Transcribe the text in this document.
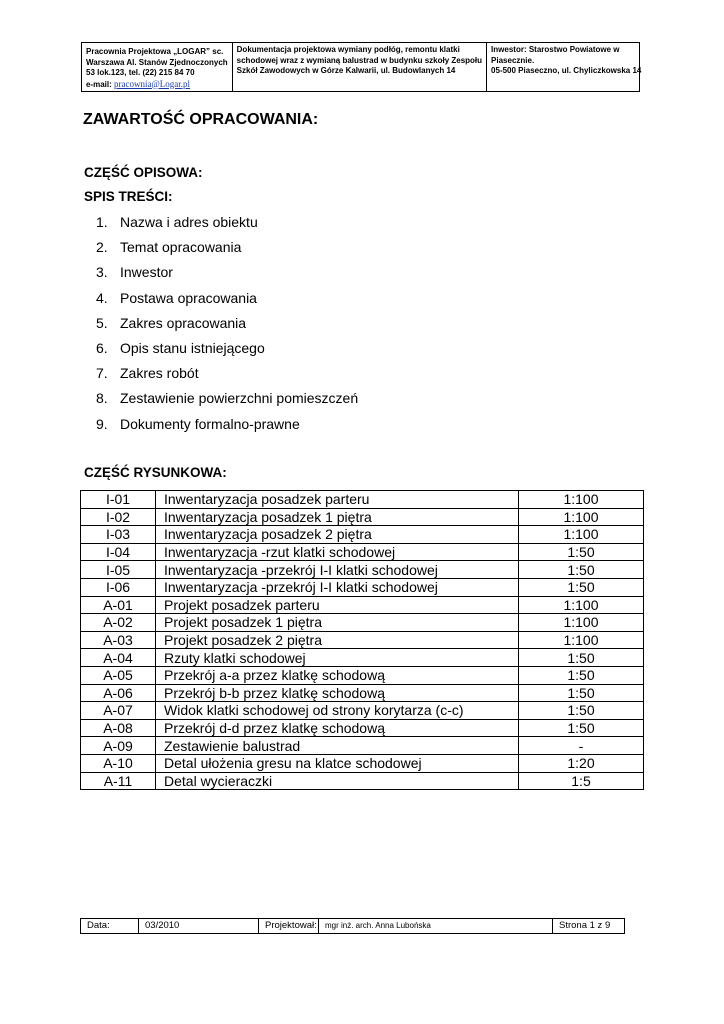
Pracownia Projektowa „LOGAR” sc.
Warszawa Al. Stanów Zjednoczonych
53 lok.123, tel. (22) 215 84 70
e-mail: pracownia@Logar.pl
Dokumentacja projektowa wymiany podłóg, remontu klatki
schodowej wraz z wymianą balustrad w budynku szkoły Zespołu
Szkół Zawodowych w Górze Kalwarii, ul. Budowlanych 14
Inwestor: Starostwo Powiatowe w
Piasecznie.
05-500 Piaseczno, ul. Chyliczkowska 14
ZAWARTOŚĆ OPRACOWANIA:
CZĘŚĆ OPISOWA:
SPIS TREŚCI:
1. Nazwa i adres obiektu
2. Temat opracowania
3. Inwestor
4. Postawa opracowania
5. Zakres opracowania
6. Opis stanu istniejącego
7. Zakres robót
8. Zestawienie powierzchni pomieszczeń
9. Dokumenty formalno-prawne
CZĘŚĆ RYSUNKOWA:
I-01	Inwentaryzacja posadzek parteru	1:100
I-02	Inwentaryzacja posadzek 1 piętra	1:100
I-03	Inwentaryzacja posadzek 2 piętra	1:100
I-04	Inwentaryzacja -rzut klatki schodowej	1:50
I-05	Inwentaryzacja -przekrój I-I klatki schodowej	1:50
I-06	Inwentaryzacja -przekrój I-I klatki schodowej	1:50
A-01	Projekt posadzek parteru	1:100
A-02	Projekt posadzek 1 piętra	1:100
A-03	Projekt posadzek 2 piętra	1:100
A-04	Rzuty klatki schodowej	1:50
A-05	Przekrój a-a przez klatkę schodową	1:50
A-06	Przekrój b-b przez klatkę schodową	1:50
A-07	Widok klatki schodowej od strony korytarza (c-c)	1:50
A-08	Przekrój d-d przez klatkę schodową	1:50
A-09	Zestawienie balustrad	-
A-10	Detal ułożenia gresu na klatce schodowej	1:20
A-11	Detal wycieraczki	1:5
Data:	03/2010	Projektował:	mgr inż. arch. Anna Lubońska	Strona 1 z 9
